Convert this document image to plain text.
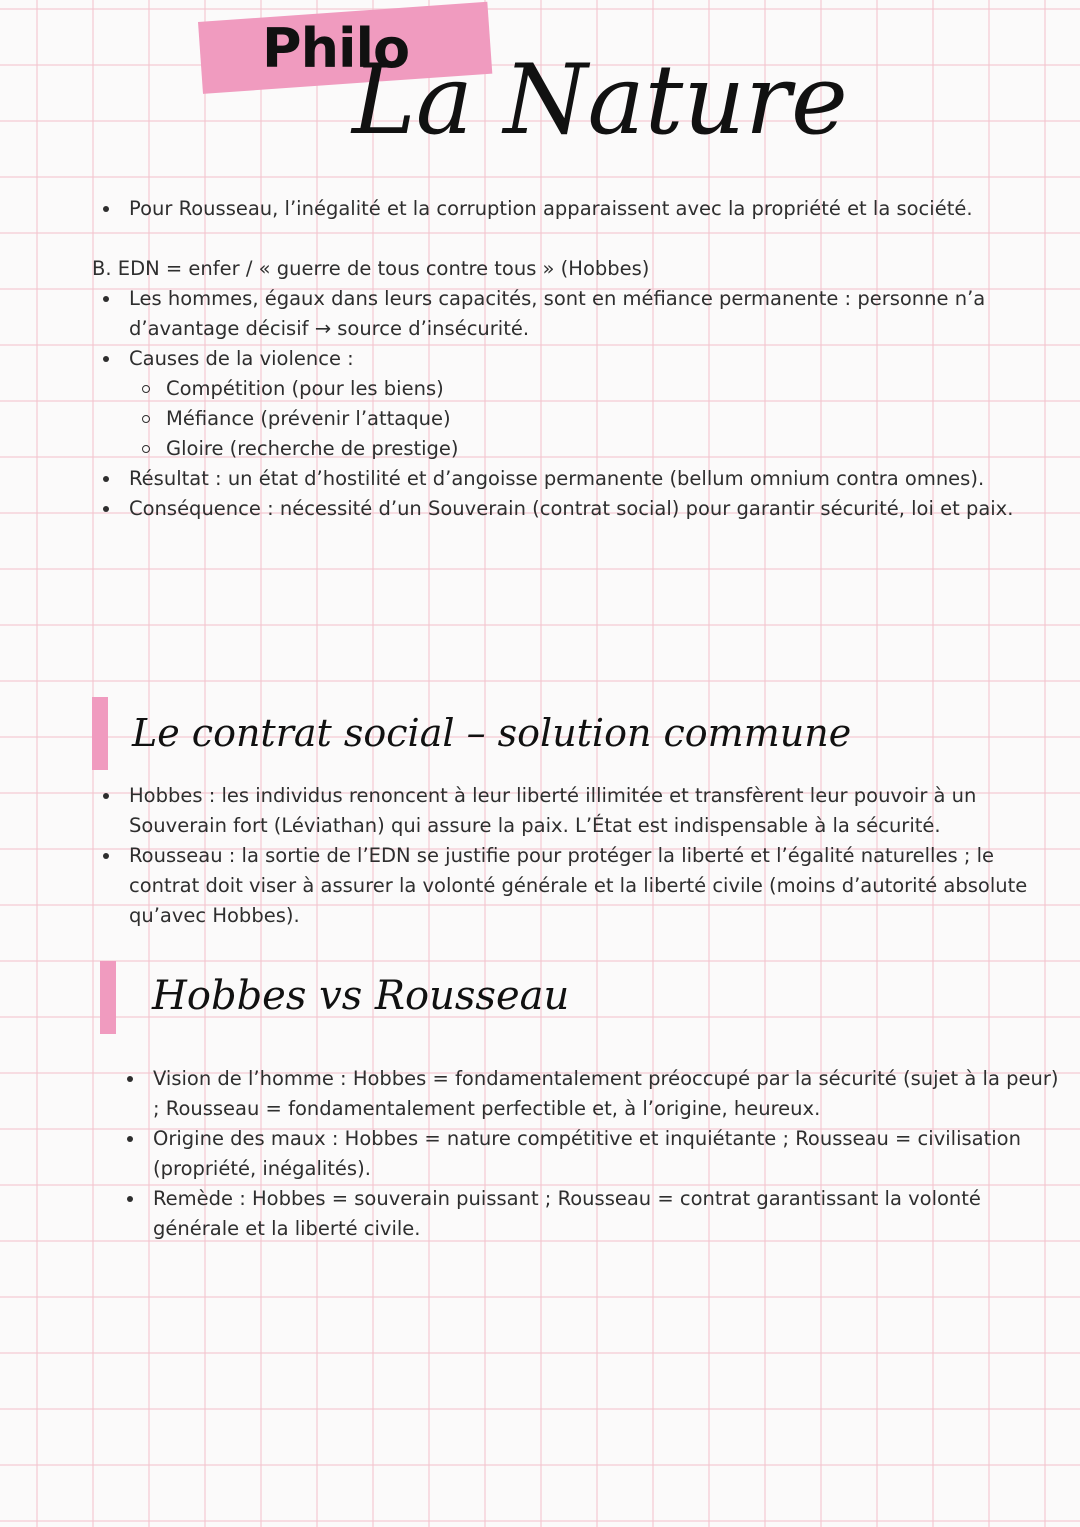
Philo
La Nature
Pour Rousseau, l’inégalité et la corruption apparaissent avec la propriété et la société.
B. EDN = enfer / « guerre de tous contre tous » (Hobbes)
Les hommes, égaux dans leurs capacités, sont en méfiance permanente : personne n’a d’avantage décisif → source d’insécurité.
Causes de la violence :
Compétition (pour les biens)
Méfiance (prévenir l’attaque)
Gloire (recherche de prestige)
Résultat : un état d’hostilité et d’angoisse permanente (bellum omnium contra omnes).
Conséquence : nécessité d’un Souverain (contrat social) pour garantir sécurité, loi et paix.
Le contrat social – solution commune
Hobbes : les individus renoncent à leur liberté illimitée et transfèrent leur pouvoir à un Souverain fort (Léviathan) qui assure la paix. L’État est indispensable à la sécurité.
Rousseau : la sortie de l’EDN se justifie pour protéger la liberté et l’égalité naturelles ; le contrat doit viser à assurer la volonté générale et la liberté civile (moins d’autorité absolute qu’avec Hobbes).
Hobbes vs Rousseau
Vision de l’homme : Hobbes = fondamentalement préoccupé par la sécurité (sujet à la peur) ; Rousseau = fondamentalement perfectible et, à l’origine, heureux.
Origine des maux : Hobbes = nature compétitive et inquiétante ; Rousseau = civilisation (propriété, inégalités).
Remède : Hobbes = souverain puissant ; Rousseau = contrat garantissant la volonté générale et la liberté civile.
